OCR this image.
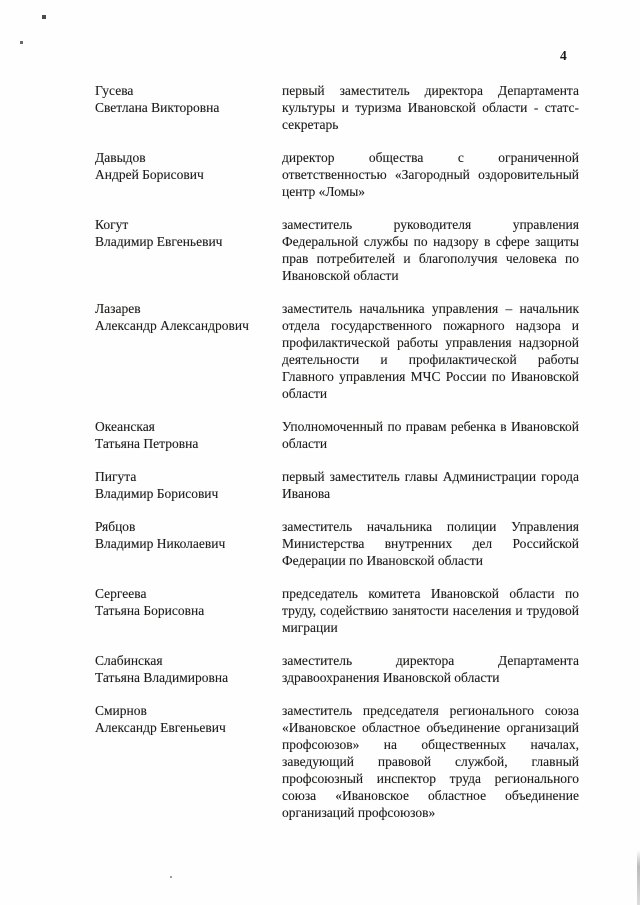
4
Гусева
Светлана Викторовна
первый заместитель директора Департамента культуры и туризма Ивановской области - статс-секретарь
Давыдов
Андрей Борисович
директор общества с ограниченной ответственностью «Загородный оздоровительный центр «Ломы»
Когут
Владимир Евгеньевич
заместитель руководителя управления Федеральной службы по надзору в сфере защиты прав потребителей и благополучия человека по Ивановской области
Лазарев
Александр Александрович
заместитель начальника управления – начальник отдела государственного пожарного надзора и профилактической работы управления надзорной деятельности и профилактической работы Главного управления МЧС России по Ивановской области
Океанская
Татьяна Петровна
Уполномоченный по правам ребенка в Ивановской области
Пигута
Владимир Борисович
первый заместитель главы Администрации города Иванова
Рябцов
Владимир Николаевич
заместитель начальника полиции Управления Министерства внутренних дел Российской Федерации по Ивановской области
Сергеева
Татьяна Борисовна
председатель комитета Ивановской области по труду, содействию занятости населения и трудовой миграции
Слабинская
Татьяна Владимировна
заместитель директора Департамента здравоохранения Ивановской области
Смирнов
Александр Евгеньевич
заместитель председателя регионального союза «Ивановское областное объединение организаций профсоюзов» на общественных началах, заведующий правовой службой, главный профсоюзный инспектор труда регионального союза «Ивановское областное объединение организаций профсоюзов»
